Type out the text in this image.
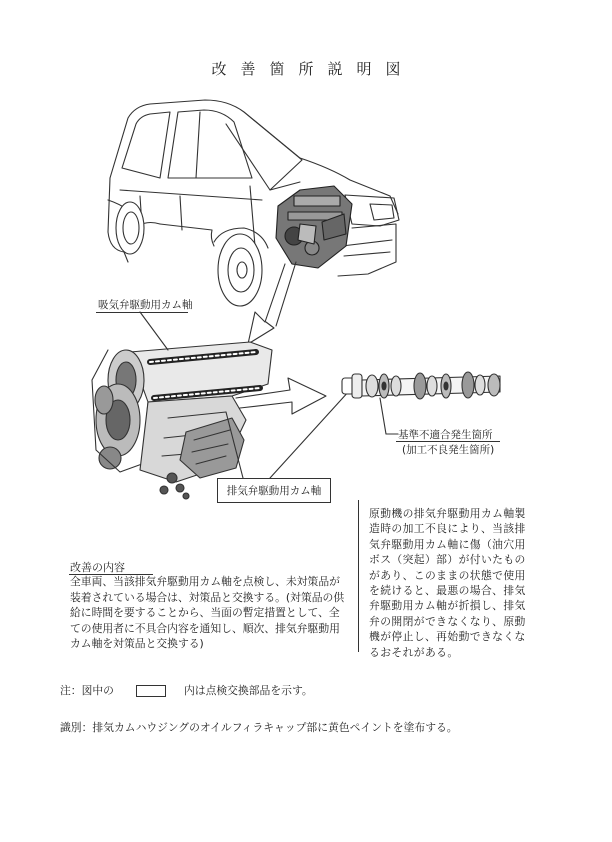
改善箇所説明図
吸気弁駆動用カム軸
基準不適合発生箇所
(加工不良発生箇所)
排気弁駆動用カム軸
原動機の排気弁駆動用カム軸製造時の加工不良により、当該排気弁駆動用カム軸に傷（油穴用ボス（突起）部）が付いたものがあり、このままの状態で使用を続けると、最悪の場合、排気弁駆動用カム軸が折損し、排気弁の開閉ができなくなり、原動機が停止し、再始動できなくなるおそれがある。
改善の内容
全車両、当該排気弁駆動用カム軸を点検し、未対策品が装着されている場合は、対策品と交換する。(対策品の供給に時間を要することから、当面の暫定措置として、全ての使用者に不具合内容を通知し、順次、排気弁駆動用カム軸を対策品と交換する)
注：図中の	内は点検交換部品を示す。
識別：排気カムハウジングのオイルフィラキャップ部に黄色ペイントを塗布する。
